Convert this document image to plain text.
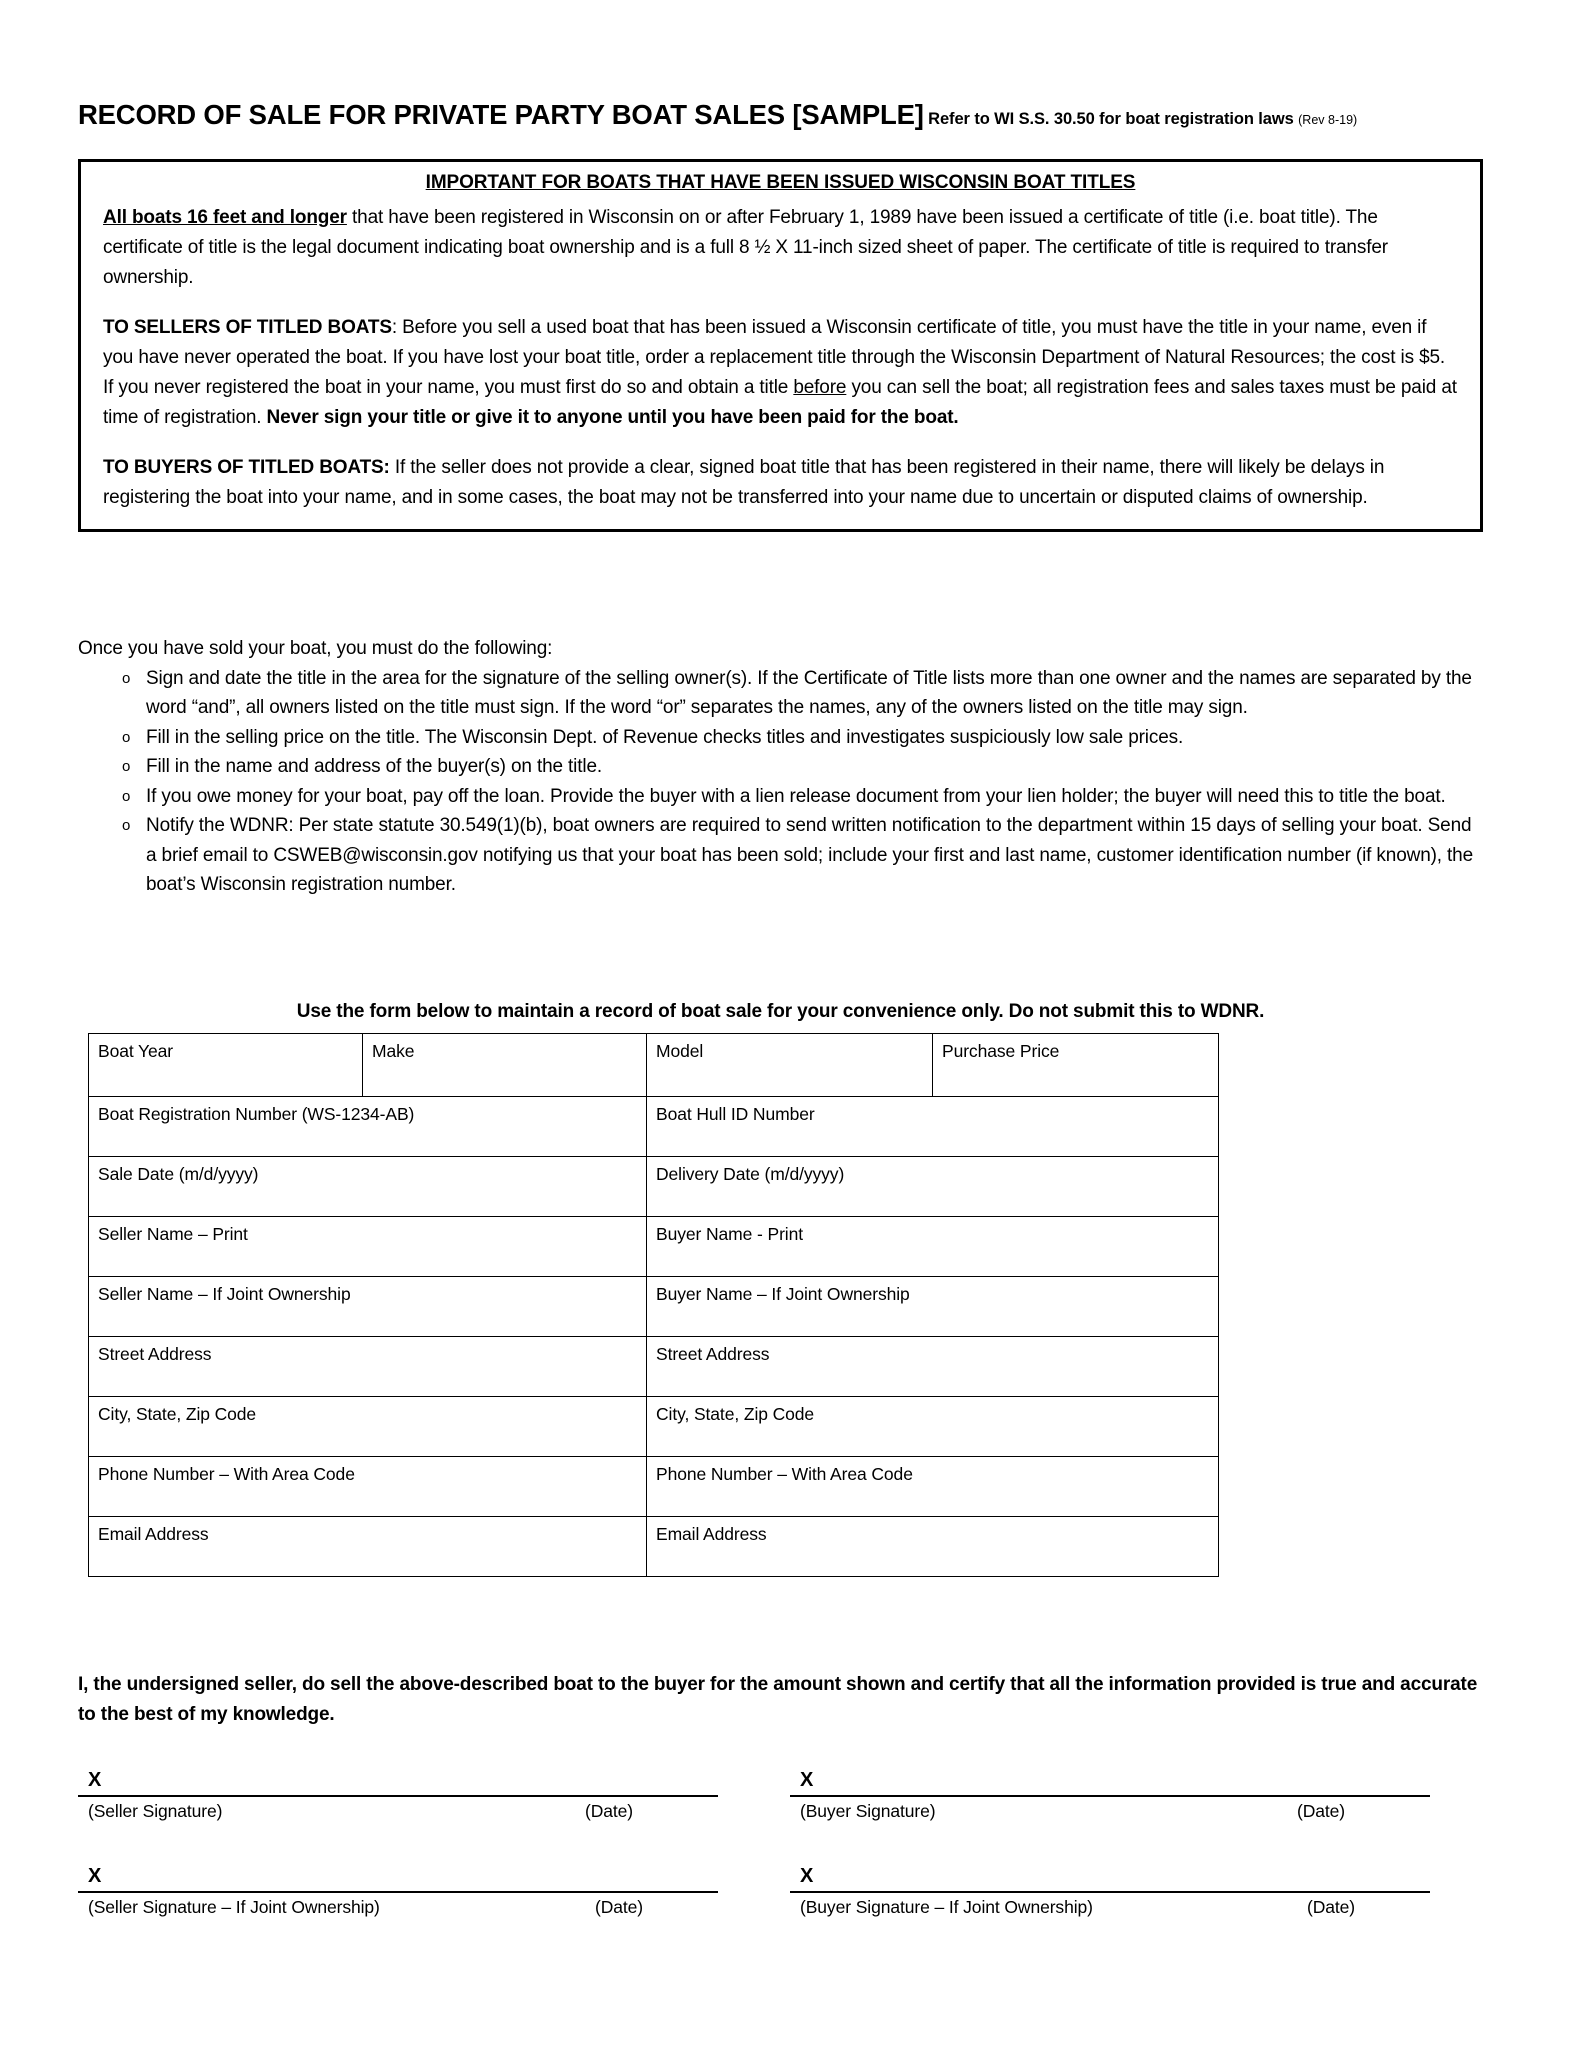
RECORD OF SALE FOR PRIVATE PARTY BOAT SALES [SAMPLE] Refer to WI S.S. 30.50 for boat registration laws (Rev 8-19)
IMPORTANT FOR BOATS THAT HAVE BEEN ISSUED WISCONSIN BOAT TITLES

All boats 16 feet and longer that have been registered in Wisconsin on or after February 1, 1989 have been issued a certificate of title (i.e. boat title). The certificate of title is the legal document indicating boat ownership and is a full 8 ½ X 11-inch sized sheet of paper. The certificate of title is required to transfer ownership.

TO SELLERS OF TITLED BOATS: Before you sell a used boat that has been issued a Wisconsin certificate of title, you must have the title in your name, even if you have never operated the boat. If you have lost your boat title, order a replacement title through the Wisconsin Department of Natural Resources; the cost is $5. If you never registered the boat in your name, you must first do so and obtain a title before you can sell the boat; all registration fees and sales taxes must be paid at time of registration. Never sign your title or give it to anyone until you have been paid for the boat.

TO BUYERS OF TITLED BOATS: If the seller does not provide a clear, signed boat title that has been registered in their name, there will likely be delays in registering the boat into your name, and in some cases, the boat may not be transferred into your name due to uncertain or disputed claims of ownership.

Once you have sold your boat, you must do the following:
o Sign and date the title in the area for the signature of the selling owner(s). If the Certificate of Title lists more than one owner and the names are separated by the word “and”, all owners listed on the title must sign. If the word “or” separates the names, any of the owners listed on the title may sign.
o Fill in the selling price on the title. The Wisconsin Dept. of Revenue checks titles and investigates suspiciously low sale prices.
o Fill in the name and address of the buyer(s) on the title.
o If you owe money for your boat, pay off the loan. Provide the buyer with a lien release document from your lien holder; the buyer will need this to title the boat.
o Notify the WDNR: Per state statute 30.549(1)(b), boat owners are required to send written notification to the department within 15 days of selling your boat. Send a brief email to CSWEB@wisconsin.gov notifying us that your boat has been sold; include your first and last name, customer identification number (if known), the boat’s Wisconsin registration number.
Use the form below to maintain a record of boat sale for your convenience only. Do not submit this to WDNR.
Boat Year	Make	Model	Purchase Price

Boat Registration Number (WS-1234-AB)		Boat Hull ID Number	

Sale Date (m/d/yyyy)		Delivery Date (m/d/yyyy)	

Seller Name – Print		Buyer Name - Print	

Seller Name – If Joint Ownership		Buyer Name – If Joint Ownership	

Street Address		Street Address	

City, State, Zip Code		City, State, Zip Code	

Phone Number – With Area Code		Phone Number – With Area Code	

Email Address		Email Address	
I, the undersigned seller, do sell the above-described boat to the buyer for the amount shown and certify that all the information provided is true and accurate to the best of my knowledge.
X
(Seller Signature)	(Date)
X
(Buyer Signature)	(Date)
X
(Seller Signature – If Joint Ownership)	(Date)
X
(Buyer Signature – If Joint Ownership)	(Date)
